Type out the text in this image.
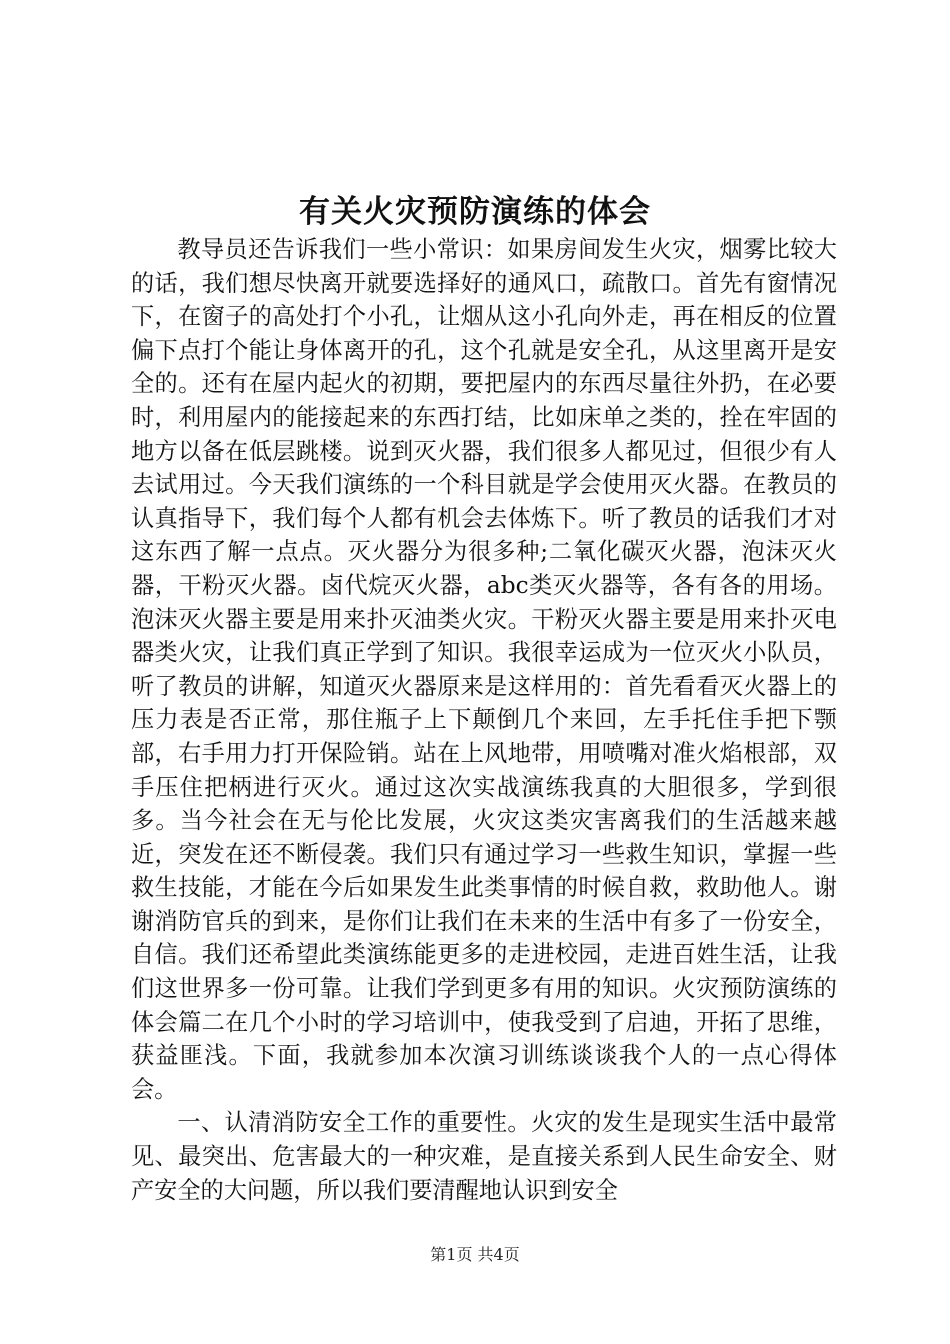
有关火灾预防演练的体会

教导员还告诉我们一些小常识：如果房间发生火灾，烟雾比较大的话，我们想尽快离开就要选择好的通风口，疏散口。首先有窗情况下，在窗子的高处打个小孔，让烟从这小孔向外走，再在相反的位置偏下点打个能让身体离开的孔，这个孔就是安全孔，从这里离开是安全的。还有在屋内起火的初期，要把屋内的东西尽量往外扔，在必要时，利用屋内的能接起来的东西打结，比如床单之类的，拴在牢固的地方以备在低层跳楼。说到灭火器，我们很多人都见过，但很少有人去试用过。今天我们演练的一个科目就是学会使用灭火器。在教员的认真指导下，我们每个人都有机会去体炼下。听了教员的话我们才对这东西了解一点点。灭火器分为很多种;二氧化碳灭火器，泡沫灭火器，干粉灭火器。卤代烷灭火器，abc类灭火器等，各有各的用场。泡沫灭火器主要是用来扑灭油类火灾。干粉灭火器主要是用来扑灭电器类火灾，让我们真正学到了知识。我很幸运成为一位灭火小队员，听了教员的讲解，知道灭火器原来是这样用的：首先看看灭火器上的压力表是否正常，那住瓶子上下颠倒几个来回，左手托住手把下颚部，右手用力打开保险销。站在上风地带，用喷嘴对准火焰根部，双手压住把柄进行灭火。通过这次实战演练我真的大胆很多，学到很多。当今社会在无与伦比发展，火灾这类灾害离我们的生活越来越近，突发在还不断侵袭。我们只有通过学习一些救生知识，掌握一些救生技能，才能在今后如果发生此类事情的时候自救，救助他人。谢谢消防官兵的到来，是你们让我们在未来的生活中有多了一份安全，自信。我们还希望此类演练能更多的走进校园，走进百姓生活，让我们这世界多一份可靠。让我们学到更多有用的知识。火灾预防演练的体会篇二在几个小时的学习培训中，使我受到了启迪，开拓了思维，获益匪浅。下面，我就参加本次演习训练谈谈我个人的一点心得体会。

一、认清消防安全工作的重要性。火灾的发生是现实生活中最常见、最突出、危害最大的一种灾难，是直接关系到人民生命安全、财产安全的大问题，所以我们要清醒地认识到安全

第1页 共4页
